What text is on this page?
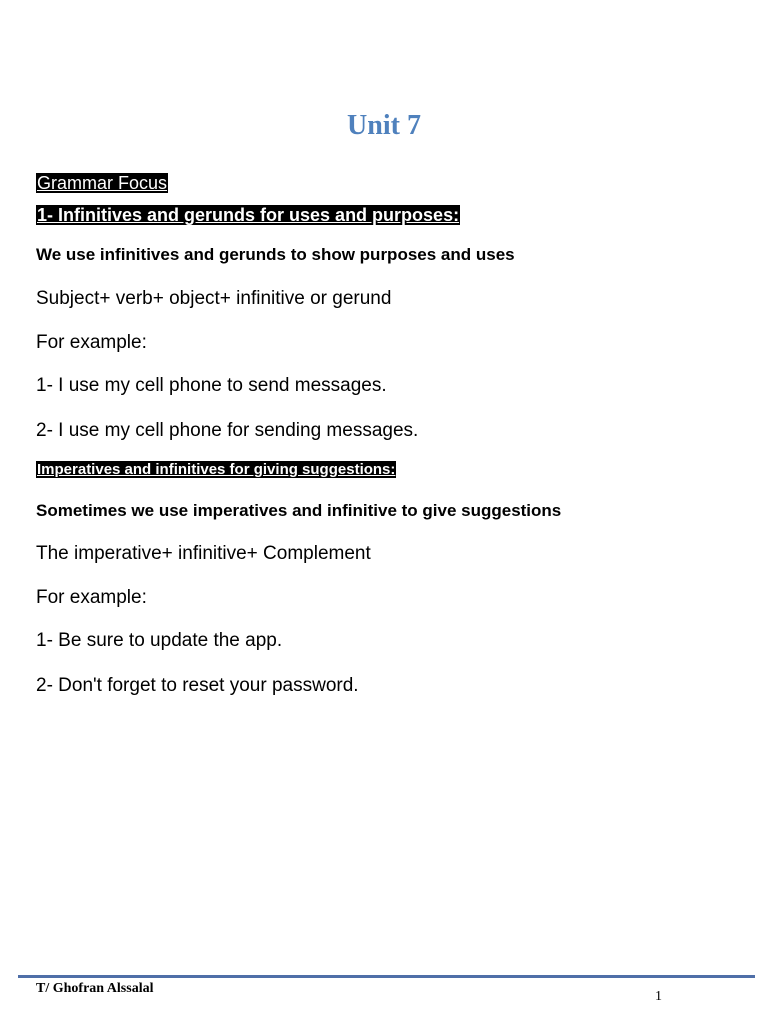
Unit 7
Grammar Focus
1- Infinitives and gerunds for uses and purposes:
We use infinitives and gerunds to show purposes and uses
Subject+ verb+ object+ infinitive or gerund
For example:
1- I use my cell phone to send messages.
2- I use my cell phone for sending messages.
Imperatives and infinitives for giving suggestions:
Sometimes we use imperatives and infinitive to give suggestions
The imperative+ infinitive+ Complement
For example:
1- Be sure to update the app.
2- Don't forget to reset your password.
T/ Ghofran Alssalal
1
